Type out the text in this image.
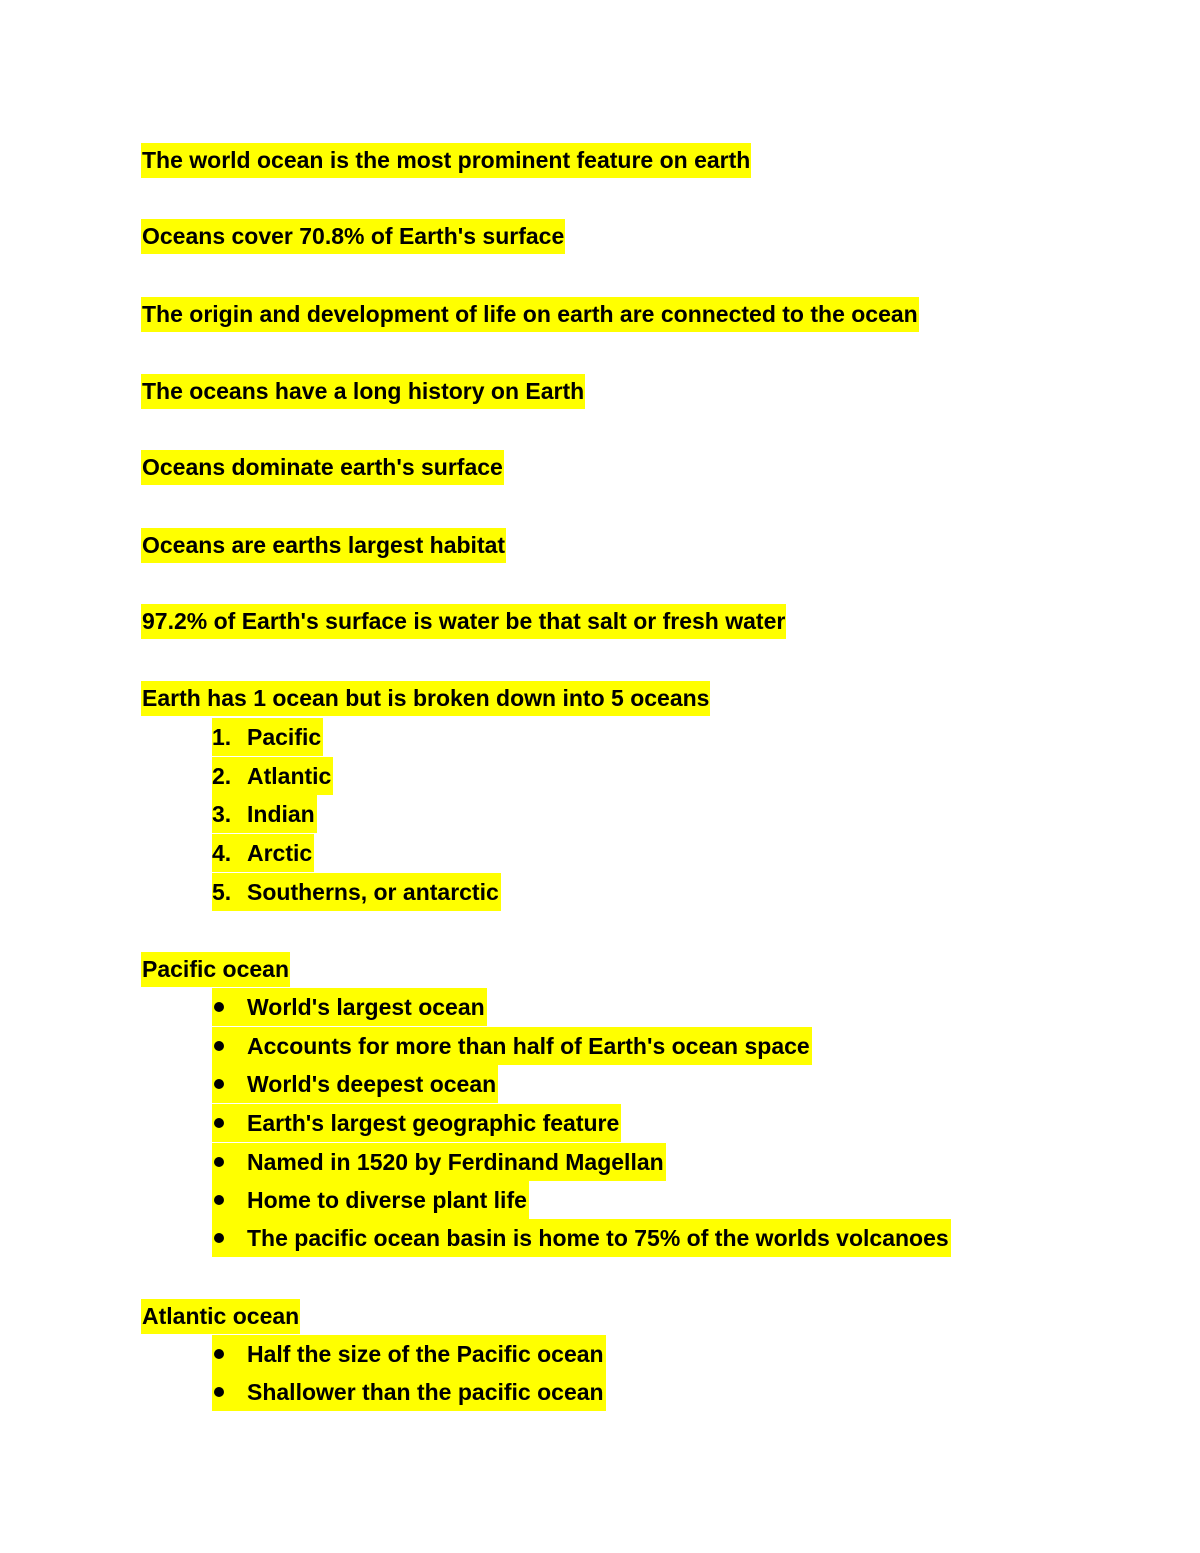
The world ocean is the most prominent feature on earth
Oceans cover 70.8% of Earth's surface
The origin and development of life on earth are connected to the ocean
The oceans have a long history on Earth
Oceans dominate earth's surface
Oceans are earths largest habitat
97.2% of Earth's surface is water be that salt or fresh water
Earth has 1 ocean but is broken down into 5 oceans
1. Pacific
2. Atlantic
3. Indian
4. Arctic
5. Southerns, or antarctic
Pacific ocean
World's largest ocean
Accounts for more than half of Earth's ocean space
World's deepest ocean
Earth's largest geographic feature
Named in 1520 by Ferdinand Magellan
Home to diverse plant life
The pacific ocean basin is home to 75% of the worlds volcanoes
Atlantic ocean
Half the size of the Pacific ocean
Shallower than the pacific ocean
